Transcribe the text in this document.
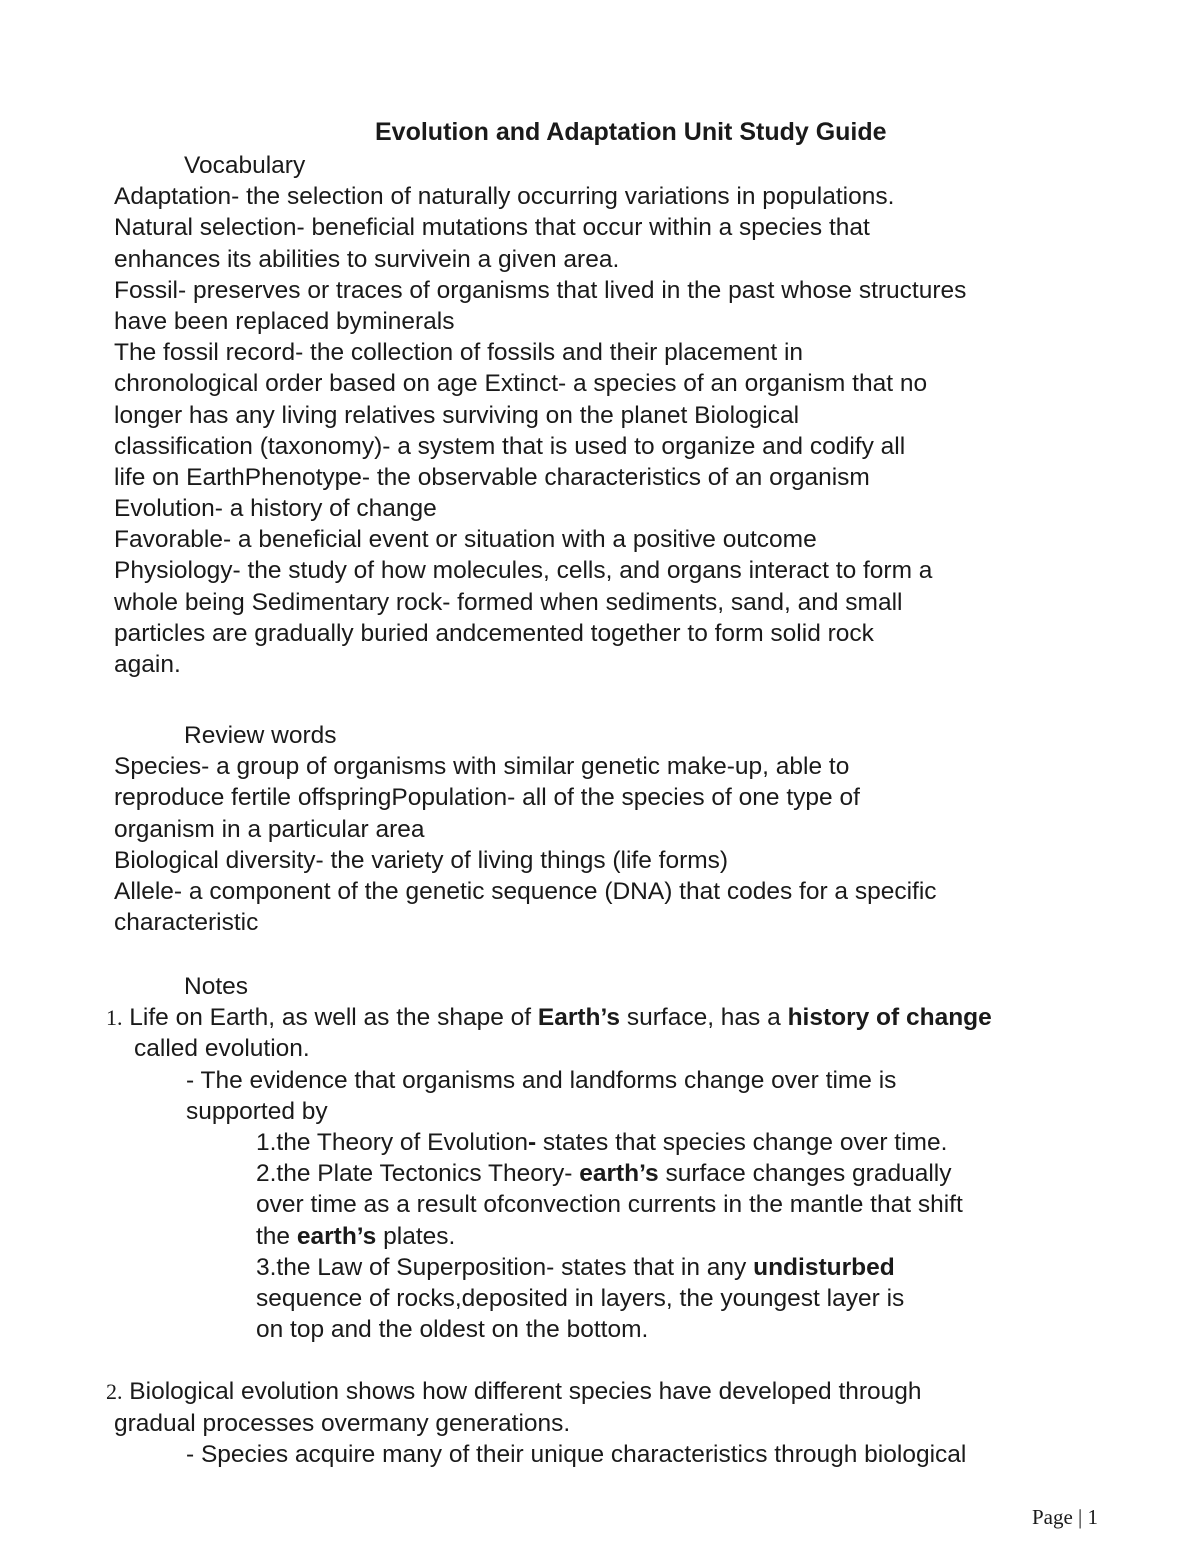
Evolution and Adaptation Unit Study Guide
Vocabulary
Adaptation- the selection of naturally occurring variations in populations.
Natural selection- beneficial mutations that occur within a species that
enhances its abilities to survivein a given area.
Fossil- preserves or traces of organisms that lived in the past whose structures
have been replaced byminerals
The fossil record- the collection of fossils and their placement in
chronological order based on age Extinct- a species of an organism that no
longer has any living relatives surviving on the planet Biological
classification (taxonomy)- a system that is used to organize and codify all
life on EarthPhenotype- the observable characteristics of an organism
Evolution- a history of change
Favorable- a beneficial event or situation with a positive outcome
Physiology- the study of how molecules, cells, and organs interact to form a
whole being Sedimentary rock- formed when sediments, sand, and small
particles are gradually buried andcemented together to form solid rock
again.
Review words
Species- a group of organisms with similar genetic make-up, able to
reproduce fertile offspringPopulation- all of the species of one type of
organism in a particular area
Biological diversity- the variety of living things (life forms)
Allele- a component of the genetic sequence (DNA) that codes for a specific
characteristic
Notes
1. Life on Earth, as well as the shape of Earth’s surface, has a history of change
called evolution.
- The evidence that organisms and landforms change over time is
supported by
1.the Theory of Evolution- states that species change over time.
2.the Plate Tectonics Theory- earth’s surface changes gradually
over time as a result ofconvection currents in the mantle that shift
the earth’s plates.
3.the Law of Superposition- states that in any undisturbed
sequence of rocks,deposited in layers, the youngest layer is
on top and the oldest on the bottom.
2. Biological evolution shows how different species have developed through
gradual processes overmany generations.
- Species acquire many of their unique characteristics through biological
Page | 1
